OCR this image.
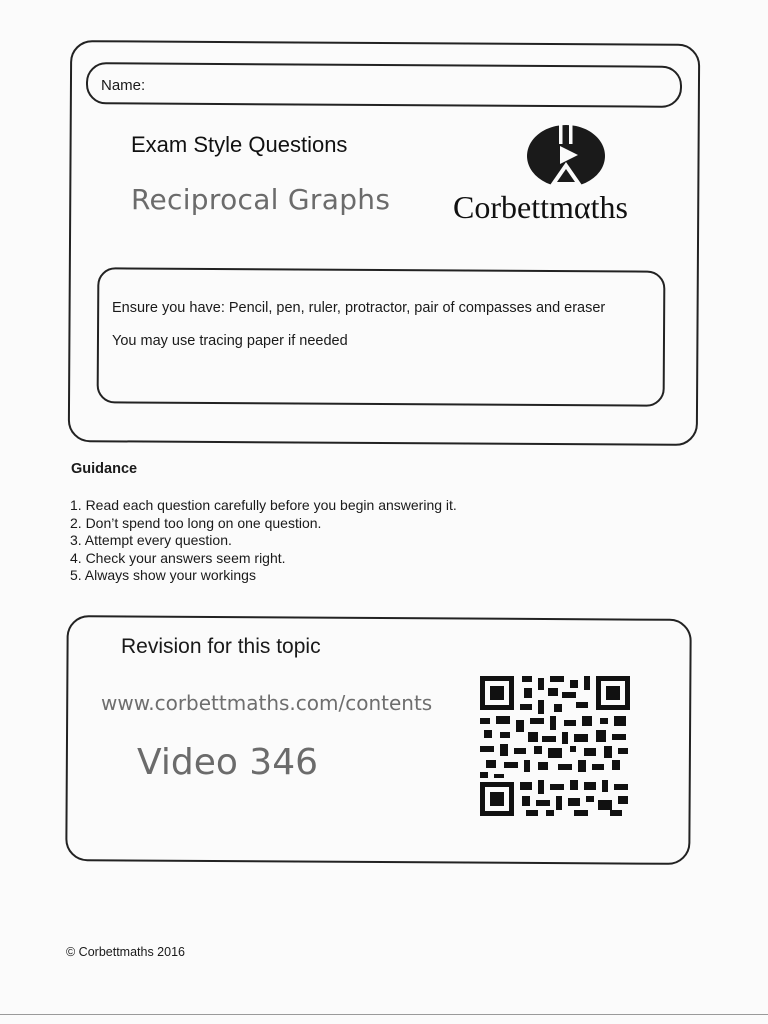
Name:
Exam Style Questions
Reciprocal Graphs Corbettmαths
Ensure you have: Pencil, pen, ruler, protractor, pair of compasses and eraser
You may use tracing paper if needed
Guidance
1. Read each question carefully before you begin answering it.
2. Don’t spend too long on one question.
3. Attempt every question.
4. Check your answers seem right.
5. Always show your workings
Revision for this topic
www.corbettmaths.com/contents
Video 346
© Corbettmaths 2016
